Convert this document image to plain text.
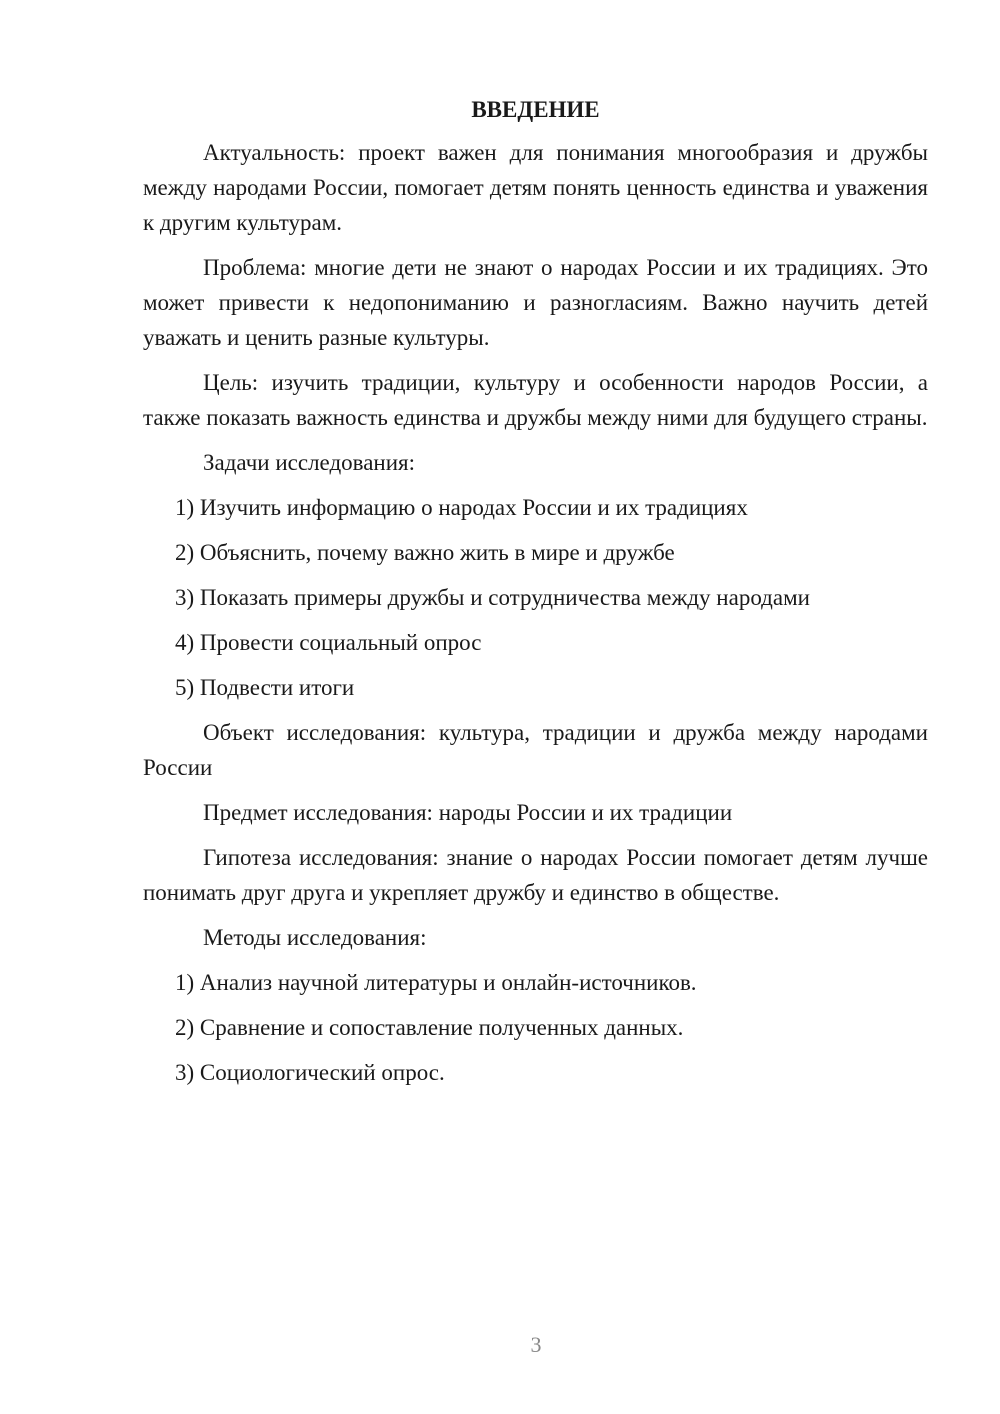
ВВЕДЕНИЕ
Актуальность: проект важен для понимания многообразия и дружбы между народами России, помогает детям понять ценность единства и уважения к другим культурам.
Проблема: многие дети не знают о народах России и их традициях. Это может привести к недопониманию и разногласиям. Важно научить детей уважать и ценить разные культуры.
Цель: изучить традиции, культуру и особенности народов России, а также показать важность единства и дружбы между ними для будущего страны.
Задачи исследования:
1) Изучить информацию о народах России и их традициях
2) Объяснить, почему важно жить в мире и дружбе
3) Показать примеры дружбы и сотрудничества между народами
4) Провести социальный опрос
5) Подвести итоги
Объект исследования: культура, традиции и дружба между народами России
Предмет исследования: народы России и их традиции
Гипотеза исследования: знание о народах России помогает детям лучше понимать друг друга и укрепляет дружбу и единство в обществе.
Методы исследования:
1) Анализ научной литературы и онлайн-источников.
2) Сравнение и сопоставление полученных данных.
3) Социологический опрос.
3
